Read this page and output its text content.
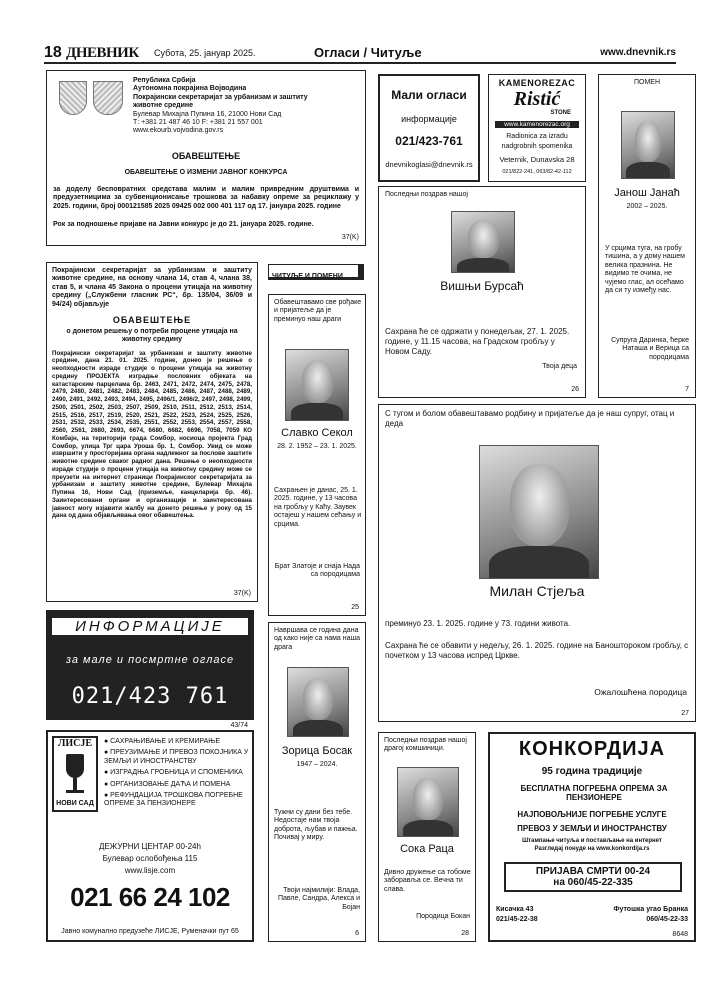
18 ДНЕВНИК Субота, 25. јануар 2025.	Огласи / Читуље	www.dnevnik.rs
Република Србија
Аутономна покрајина Војводина
Покрајински секретаријат за урбанизам и заштиту
животне средине
Булевар Михајла Пупина 16, 21000 Нови Сад
Т: +381 21 487 46 10 F: +381 21 557 001
www.ekourb.vojvodina.gov.rs
ОБАВЕШТЕЊЕ
ОБАВЕШТЕЊЕ О ИЗМЕНИ ЈАВНОГ КОНКУРСА
за доделу бесповратних средстава малим и малим привредним друштвима и предузетницима за субвенционисање трошкова за набавку опреме за рециклажу у 2025. години, број 000121585 2025 09425 002 000 401 117 од 17. јануара 2025. године
Рок за подношење пријаве на Јавни конкурс је до 21. јануара 2025. године.
37(K)
Мали огласи
информације
021/423-761
dnevnikoglasi@dnevnik.rs
KAMENOREZAC
Ristić
STONE
www.kamenorezac.org
Radionica za izradu
nadgrobnih spomenika
Veternik, Dunavska 28
021/822-241, 063/82-42-112
ПОМЕН
Јанош Јанаћ
2002 – 2025.
У срцима туга, на гробу тишина, а у дому нашем велика празнина. Не видимо те очима, не чујемо глас, ал осећамо да си ту између нас.
Супруга Даринка, ћерке Наташа и Верица са породицама
7
Последњи поздрав нашој
Вишњи Бурсаћ
Сахрана ће се одржати у понедељак, 27. 1. 2025. године, у 11.15 часова, на Градском гробљу у Новом Саду.
Твоја деца
26
Покрајински секретаријат за урбанизам и заштиту животне средине, на основу члана 14, став 4, члана 38, став 5, и члана 45 Закона о процени утицаја на животну средину („Службени гласник РС“, бр. 135/04, 36/09 и 94/24) објављује
ОБАВЕШТЕЊЕ
о донетом решењу о потреби процене утицаја на животну средину
Покрајински секретаријат за урбанизам и заштиту животне средине, дана 21. 01. 2025. године, донео је решење о неопходности израде студије о процени утицаја на животну средину ПРОЈЕКТА изградње пословних објеката на катастарским парцелама бр. 2463, 2471, 2472, 2474, 2475, 2478, 2479, 2480, 2481, 2482, 2483, 2484, 2485, 2486, 2487, 2488, 2489, 2490, 2491, 2492, 2493, 2494, 2495, 2496/1, 2496/2, 2497, 2498, 2499, 2500, 2501, 2502, 2503, 2507, 2509, 2510, 2511, 2512, 2513, 2514, 2515, 2516, 2517, 2519, 2520, 2521, 2522, 2523, 2524, 2525, 2526, 2531, 2532, 2533, 2534, 2535, 2551, 2552, 2553, 2554, 2557, 2558, 2560, 2561, 2680, 2693, 6674, 6680, 6682, 6696, 7058, 7059 КО Комбајн, на територији града Сомбор, носиоца пројекта Град Сомбор, улица Трг цара Уроша бр. 1, Сомбор. Увид се може извршити у просторијама органа надлежног за послове заштите животне средине сваког радног дана. Решење о неопходности израде студије о процени утицаја на животну средину може се преузети на интернет страници Покрајинског секретаријата за урбанизам и заштиту животне средине, Булевар Михајла Пупина 16, Нови Сад (приземље, канцеларија бр. 46). Заинтересовани органи и организације и заинтересована јавност могу изјавити жалбу на донето решење у року од 15 дана од дана објављивања овог обавештења.
37(K)
ЧИТУЉЕ И ПОМЕНИ
Обавештавамо све рођаке и пријатеље да је преминуо наш драги
Славко Секол
28. 2. 1952 – 23. 1. 2025.
Сахрањен је данас, 25. 1. 2025. године, у 13 часова на гробљу у Кaћу. Заувек остајеш у нашем сећању и срцима.
Брат Златоје и снаја Нада са породицама
25
С тугом и болом обавештавамо родбину и пријатеље да је наш супруг, отац и деда
Милан Стјеља
преминуо 23. 1. 2025. године у 73. години живота.
Сахрана ће се обавити у недељу, 26. 1. 2025. године на Баноштороком гробљу, с почетком у 13 часова испред Цркве.
Ожалошћена породица
27
ИНФОРМАЦИЈЕ
за мале и посмртне огласе
021/423 761
Навршава се година дана од како није са нама наша драга
Зорица Босак
1947 – 2024.
Тужни су дани без тебе. Недостаје нам твоја доброта, љубав и пажња. Почивај у миру.
Твоји најмилији: Влада, Павле, Сандра, Алекса и Бојан
6
ЛИСЈЕ
НОВИ САД
● САХРАЊИВАЊЕ И КРЕМИРАЊЕ
● ПРЕУЗИМАЊЕ И ПРЕВОЗ ПОКОЈНИКА У ЗЕМЉИ И ИНОСТРАНСТВУ
● ИЗГРАДЊА ГРОБНИЦА И СПОМЕНИКА
● ОРГАНИЗОВАЊЕ ДАЋА И ПОМЕНА
● РЕФУНДАЦИЈА ТРОШКОВА ПОГРЕБНЕ ОПРЕМЕ ЗА ПЕНЗИОНЕРЕ
ДЕЖУРНИ ЦЕНТАР 00-24h
Булевар ослобођења 115
www.lisje.com
021 66 24 102
Јавно комунално предузеће ЛИСЈЕ, Руменачки пут 65
43/74
Последњи поздрав нашој драгој комшиници.
Сока Раца
Дивно дружење са тобоме заборавља се. Вечна ти слава.
Породица Бокан
28
КОНКОРДИЈА
95 година традиције
БЕСПЛАТНА ПОГРЕБНА ОПРЕМА ЗА ПЕНЗИОНЕРЕ
НАЈПОВОЉНИЈЕ ПОГРЕБНЕ УСЛУГЕ
ПРЕВОЗ У ЗЕМЉИ И ИНОСТРАНСТВУ
Штампање читуља и постављање на интернет
Разгледај понуде на www.konkordija.rs
ПРИЈАВА СМРТИ 00-24
на 060/45-22-335
Кисачка 43
021/45-22-38
Футошка угао Бранка
060/45-22-33
8648
